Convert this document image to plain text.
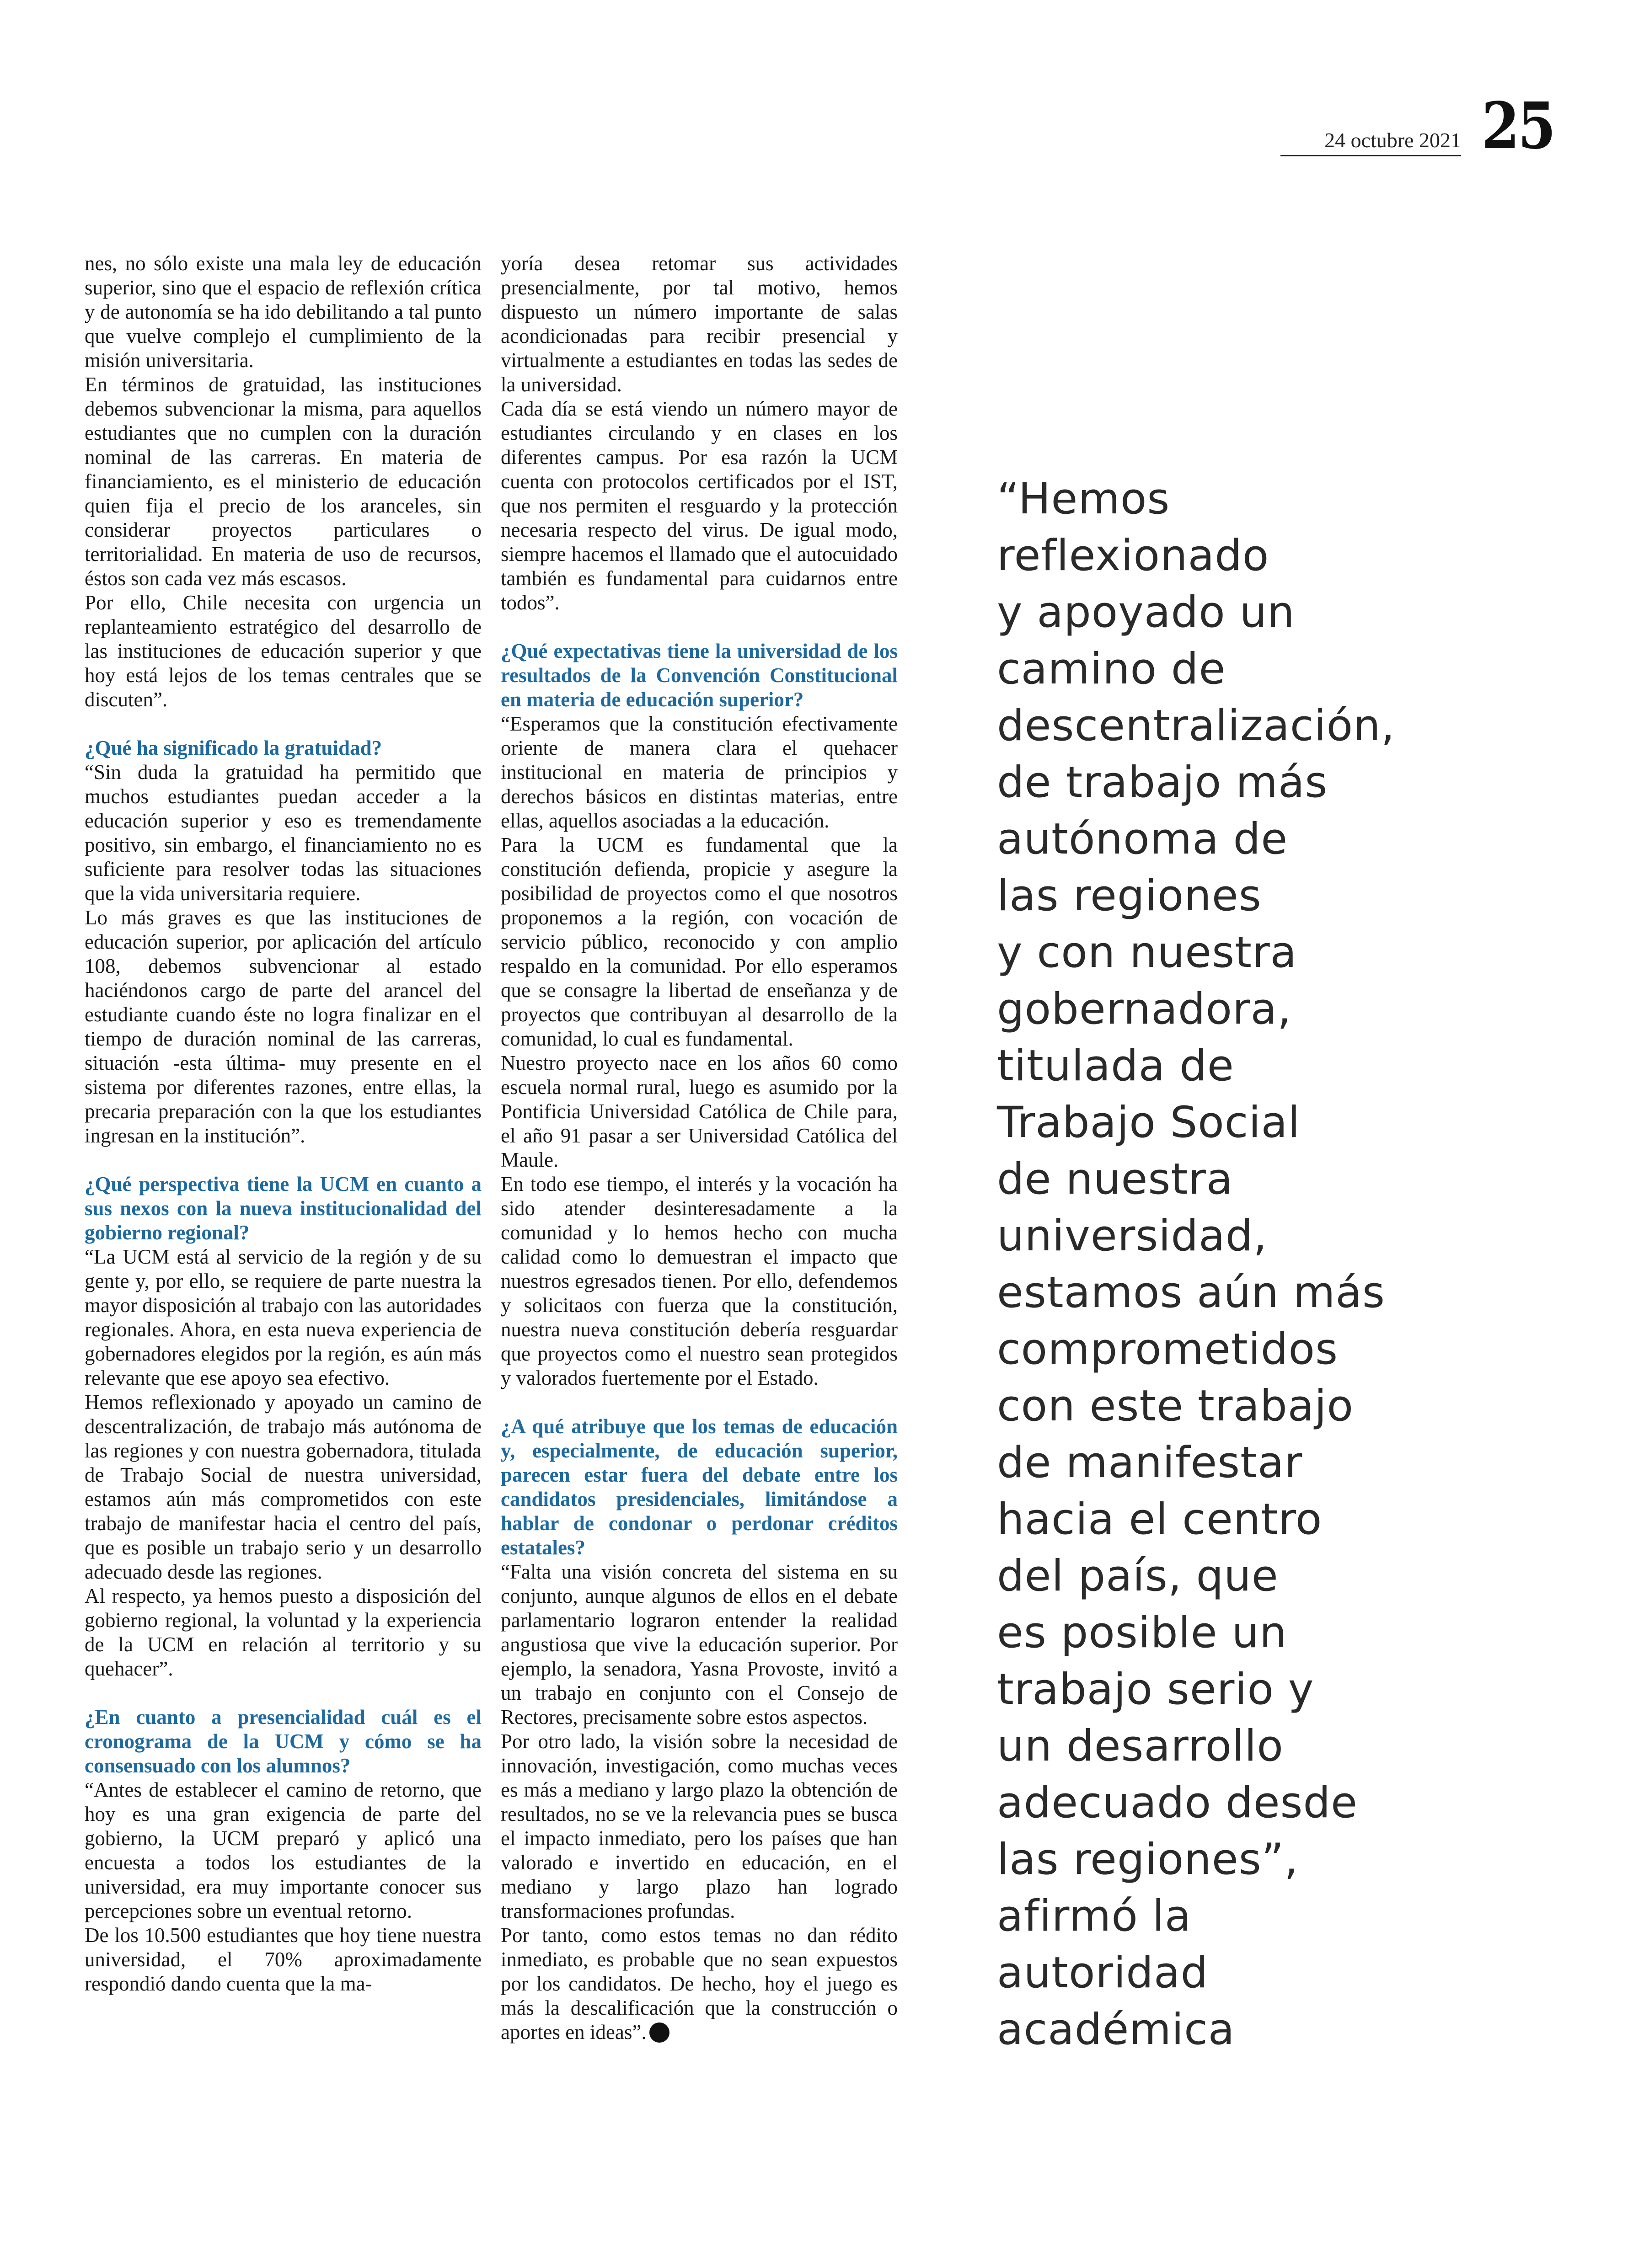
24 octubre 2021 25

nes, no sólo existe una mala ley de educación superior, sino que el espacio de reflexión crítica y de autonomía se ha ido debilitando a tal punto que vuelve complejo el cumplimiento de la misión universitaria.

En términos de gratuidad, las instituciones debemos subvencionar la misma, para aquellos estudiantes que no cumplen con la duración nominal de las carreras. En materia de financiamiento, es el ministerio de educación quien fija el precio de los aranceles, sin considerar proyectos particulares o territorialidad. En materia de uso de recursos, éstos son cada vez más escasos.

Por ello, Chile necesita con urgencia un replanteamiento estratégico del desarrollo de las instituciones de educación superior y que hoy está lejos de los temas centrales que se discuten”.

¿Qué ha significado la gratuidad?

“Sin duda la gratuidad ha permitido que muchos estudiantes puedan acceder a la educación superior y eso es tremendamente positivo, sin embargo, el financiamiento no es suficiente para resolver todas las situaciones que la vida universitaria requiere.

Lo más graves es que las instituciones de educación superior, por aplicación del artículo 108, debemos subvencionar al estado haciéndonos cargo de parte del arancel del estudiante cuando éste no logra finalizar en el tiempo de duración nominal de las carreras, situación -esta última- muy presente en el sistema por diferentes razones, entre ellas, la precaria preparación con la que los estudiantes ingresan en la institución”.

¿Qué perspectiva tiene la UCM en cuanto a sus nexos con la nueva institucionalidad del gobierno regional?

“La UCM está al servicio de la región y de su gente y, por ello, se requiere de parte nuestra la mayor disposición al trabajo con las autoridades regionales. Ahora, en esta nueva experiencia de gobernadores elegidos por la región, es aún más relevante que ese apoyo sea efectivo.

Hemos reflexionado y apoyado un camino de descentralización, de trabajo más autónoma de las regiones y con nuestra gobernadora, titulada de Trabajo Social de nuestra universidad, estamos aún más comprometidos con este trabajo de manifestar hacia el centro del país, que es posible un trabajo serio y un desarrollo adecuado desde las regiones.

Al respecto, ya hemos puesto a disposición del gobierno regional, la voluntad y la experiencia de la UCM en relación al territorio y su quehacer”.

¿En cuanto a presencialidad cuál es el cronograma de la UCM y cómo se ha consensuado con los alumnos?

“Antes de establecer el camino de retorno, que hoy es una gran exigencia de parte del gobierno, la UCM preparó y aplicó una encuesta a todos los estudiantes de la universidad, era muy importante conocer sus percepciones sobre un eventual retorno.

De los 10.500 estudiantes que hoy tiene nuestra universidad, el 70% aproximadamente respondió dando cuenta que la ma-

yoría desea retomar sus actividades presencialmente, por tal motivo, hemos dispuesto un número importante de salas acondicionadas para recibir presencial y virtualmente a estudiantes en todas las sedes de la universidad.

Cada día se está viendo un número mayor de estudiantes circulando y en clases en los diferentes campus. Por esa razón la UCM cuenta con protocolos certificados por el IST, que nos permiten el resguardo y la protección necesaria respecto del virus. De igual modo, siempre hacemos el llamado que el autocuidado también es fundamental para cuidarnos entre todos”.

¿Qué expectativas tiene la universidad de los resultados de la Convención Constitucional en materia de educación superior?

“Esperamos que la constitución efectivamente oriente de manera clara el quehacer institucional en materia de principios y derechos básicos en distintas materias, entre ellas, aquellos asociadas a la educación.

Para la UCM es fundamental que la constitución defienda, propicie y asegure la posibilidad de proyectos como el que nosotros proponemos a la región, con vocación de servicio público, reconocido y con amplio respaldo en la comunidad. Por ello esperamos que se consagre la libertad de enseñanza y de proyectos que contribuyan al desarrollo de la comunidad, lo cual es fundamental.

Nuestro proyecto nace en los años 60 como escuela normal rural, luego es asumido por la Pontificia Universidad Católica de Chile para, el año 91 pasar a ser Universidad Católica del Maule.

En todo ese tiempo, el interés y la vocación ha sido atender desinteresadamente a la comunidad y lo hemos hecho con mucha calidad como lo demuestran el impacto que nuestros egresados tienen. Por ello, defendemos y solicitaos con fuerza que la constitución, nuestra nueva constitución debería resguardar que proyectos como el nuestro sean protegidos y valorados fuertemente por el Estado.

¿A qué atribuye que los temas de educación y, especialmente, de educación superior, parecen estar fuera del debate entre los candidatos presidenciales, limitándose a hablar de condonar o perdonar créditos estatales?

“Falta una visión concreta del sistema en su conjunto, aunque algunos de ellos en el debate parlamentario lograron entender la realidad angustiosa que vive la educación superior. Por ejemplo, la senadora, Yasna Provoste, invitó a un trabajo en conjunto con el Consejo de Rectores, precisamente sobre estos aspectos.

Por otro lado, la visión sobre la necesidad de innovación, investigación, como muchas veces es más a mediano y largo plazo la obtención de resultados, no se ve la relevancia pues se busca el impacto inmediato, pero los países que han valorado e invertido en educación, en el mediano y largo plazo han logrado transformaciones profundas.

Por tanto, como estos temas no dan rédito inmediato, es probable que no sean expuestos por los candidatos. De hecho, hoy el juego es más la descalificación que la construcción o aportes en ideas”.

“Hemos
reflexionado
y apoyado un
camino de
descentralización,
de trabajo más
autónoma de
las regiones
y con nuestra
gobernadora,
titulada de
Trabajo Social
de nuestra
universidad,
estamos aún más
comprometidos
con este trabajo
de manifestar
hacia el centro
del país, que
es posible un
trabajo serio y
un desarrollo
adecuado desde
las regiones”,
afirmó la
autoridad
académica
